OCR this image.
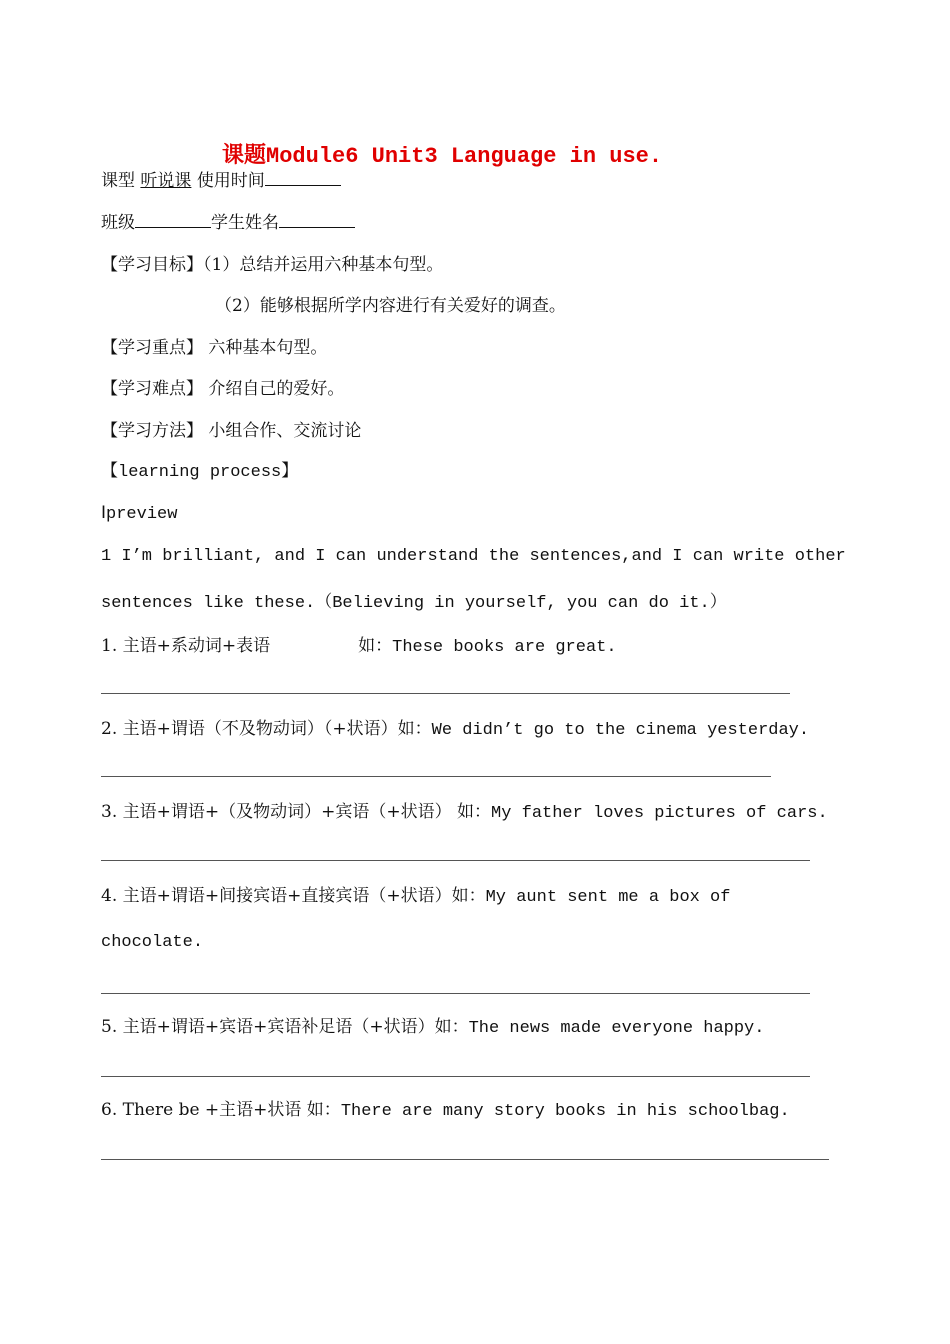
课题Module6 Unit3 Language in use.
课型 听说课 使用时间
班级	学生姓名
【学习目标】（1）总结并运用六种基本句型。
（2）能够根据所学内容进行有关爱好的调查。
【学习重点】 六种基本句型。
【学习难点】 介绍自己的爱好。
【学习方法】 小组合作、交流讨论
【learning process】
Ⅰpreview
1 I’m brilliant, and I can understand the sentences,and I can write other
sentences like these.（Believing in yourself, you can do it.）
1. 主语+系动词+表语	如：These books are great.
2. 主语+谓语（不及物动词）（+状语）如：We didn’t go to the cinema yesterday.
3. 主语+谓语+（及物动词）+宾语（+状语） 如：My father loves pictures of cars.
4. 主语+谓语+间接宾语+直接宾语（+状语）如：My aunt sent me a box of
chocolate.
5. 主语+谓语+宾语+宾语补足语（+状语）如：The news made everyone happy.
6. There be +主语+状语 如：There are many story books in his schoolbag.
